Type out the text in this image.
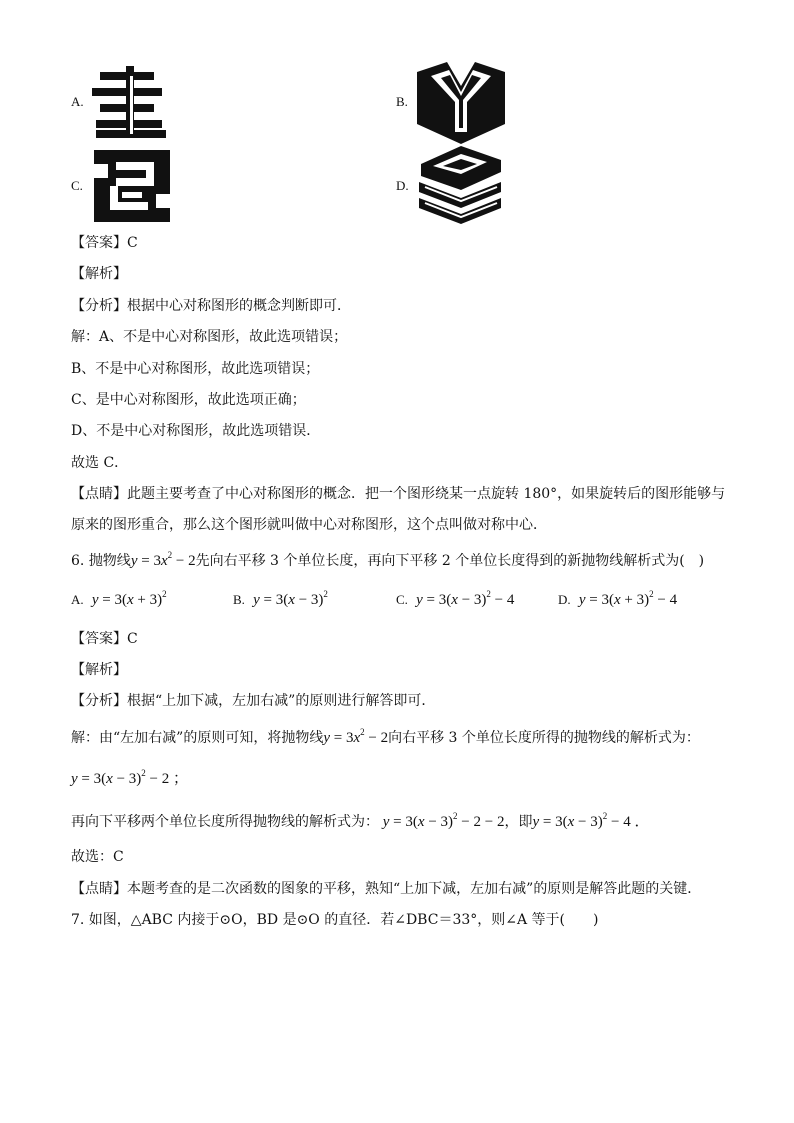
A.	B.
C.	D.
【答案】C
【解析】
【分析】根据中心对称图形的概念判断即可．
解：A、不是中心对称图形，故此选项错误；
B、不是中心对称图形，故此选项错误；
C、是中心对称图形，故此选项正确；
D、不是中心对称图形，故此选项错误．
故选 C．
【点睛】此题主要考查了中心对称图形的概念．把一个图形绕某一点旋转 180°，如果旋转后的图形能够与
原来的图形重合，那么这个图形就叫做中心对称图形，这个点叫做对称中心．
6. 抛物线$y = 3x^2 - 2$先向右平移 3 个单位长度，再向下平移 2 个单位长度得到的新抛物线解析式为(　)
A.  $y = 3(x + 3)^2$	B.  $y = 3(x - 3)^2$	C.  $y = 3(x - 3)^2 - 4$	D.  $y = 3(x + 3)^2 - 4$
【答案】C
【解析】
【分析】根据“上加下减，左加右减”的原则进行解答即可．
解：由“左加右减”的原则可知，将抛物线$y = 3x^2 - 2$向右平移 3 个单位长度所得的抛物线的解析式为：
$y = 3(x - 3)^2 - 2$ ；
再向下平移两个单位长度所得抛物线的解析式为： $y = 3(x - 3)^2 - 2 - 2$，即$y = 3(x - 3)^2 - 4$ ．
故选：C
【点睛】本题考查的是二次函数的图象的平移，熟知“上加下减，左加右减”的原则是解答此题的关键．
7. 如图，△ABC 内接于⊙O，BD 是⊙O 的直径．若∠DBC＝33°，则∠A 等于(　　)
